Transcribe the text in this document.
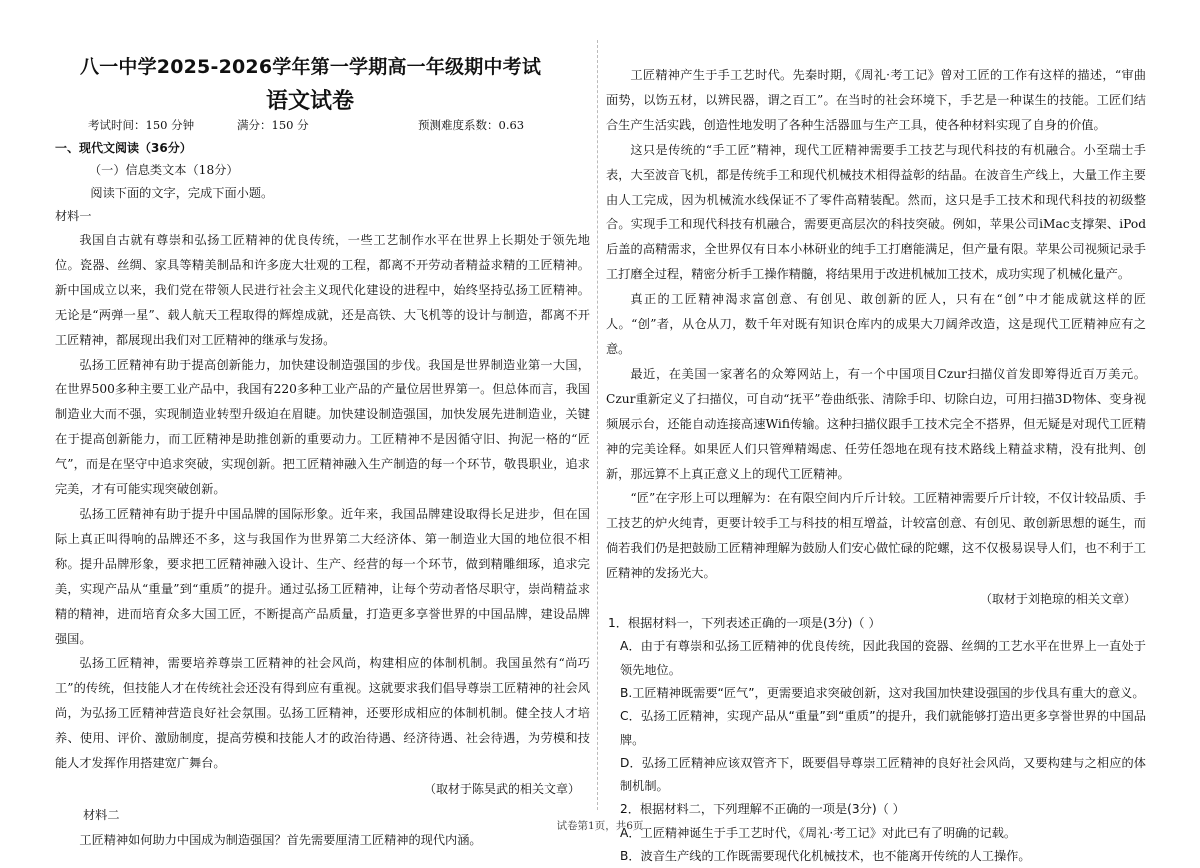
八一中学2025-2026学年第一学期高一年级期中考试
语文试卷
考试时间：150 分钟	满分：150 分	预测难度系数：0.63
一、现代文阅读（36分）
（一）信息类文本（18分）
阅读下面的文字，完成下面小题。
材料一

我国自古就有尊崇和弘扬工匠精神的优良传统，一些工艺制作水平在世界上长期处于领先地位。瓷器、丝绸、家具等精美制品和许多庞大壮观的工程，都离不开劳动者精益求精的工匠精神。新中国成立以来，我们党在带领人民进行社会主义现代化建设的进程中，始终坚持弘扬工匠精神。无论是“两弹一星”、载人航天工程取得的辉煌成就，还是高铁、大飞机等的设计与制造，都离不开工匠精神，都展现出我们对工匠精神的继承与发扬。

弘扬工匠精神有助于提高创新能力，加快建设制造强国的步伐。我国是世界制造业第一大国，在世界500多种主要工业产品中，我国有220多种工业产品的产量位居世界第一。但总体而言，我国制造业大而不强，实现制造业转型升级迫在眉睫。加快建设制造强国，加快发展先进制造业，关键在于提高创新能力，而工匠精神是助推创新的重要动力。工匠精神不是因循守旧、拘泥一格的“匠气”，而是在坚守中追求突破，实现创新。把工匠精神融入生产制造的每一个环节，敬畏职业，追求完美，才有可能实现突破创新。

弘扬工匠精神有助于提升中国品牌的国际形象。近年来，我国品牌建设取得长足进步，但在国际上真正叫得响的品牌还不多，这与我国作为世界第二大经济体、第一制造业大国的地位很不相称。提升品牌形象，要求把工匠精神融入设计、生产、经营的每一个环节，做到精雕细琢，追求完美，实现产品从“重量”到“重质”的提升。通过弘扬工匠精神，让每个劳动者恪尽职守，崇尚精益求精的精神，进而培育众多大国工匠，不断提高产品质量，打造更多享誉世界的中国品牌，建设品牌强国。

弘扬工匠精神，需要培养尊崇工匠精神的社会风尚，构建相应的体制机制。我国虽然有“尚巧工”的传统，但技能人才在传统社会还没有得到应有重视。这就要求我们倡导尊崇工匠精神的社会风尚，为弘扬工匠精神营造良好社会氛围。弘扬工匠精神，还要形成相应的体制机制。健全技人才培养、使用、评价、激励制度，提高劳模和技能人才的政治待遇、经济待遇、社会待遇，为劳模和技能人才发挥作用搭建宽广舞台。

（取材于陈昊武的相关文章）
材料二

工匠精神如何助力中国成为制造强国？首先需要厘清工匠精神的现代内涵。

工匠精神产生于手工艺时代。先秦时期，《周礼·考工记》曾对工匠的工作有这样的描述，“审曲面势，以饬五材，以辨民器，谓之百工”。在当时的社会环境下，手艺是一种谋生的技能。工匠们结合生产生活实践，创造性地发明了各种生活器皿与生产工具，使各种材料实现了自身的价值。

这只是传统的“手工匠”精神，现代工匠精神需要手工技艺与现代科技的有机融合。小至瑞士手表，大至波音飞机，都是传统手工和现代机械技术相得益彰的结晶。在波音生产线上，大量工作主要由人工完成，因为机械流水线保证不了零件高精装配。然而，这只是手工技术和现代科技的初级整合。实现手工和现代科技有机融合，需要更高层次的科技突破。例如，苹果公司iMac支撑架、iPod后盖的高精需求，全世界仅有日本小林研业的纯手工打磨能满足，但产量有限。苹果公司视频记录手工打磨全过程，精密分析手工操作精髓，将结果用于改进机械加工技术，成功实现了机械化量产。

真正的工匠精神渴求富创意、有创见、敢创新的匠人，只有在“创”中才能成就这样的匠人。“创”者，从仓从刀，数千年对既有知识仓库内的成果大刀阔斧改造，这是现代工匠精神应有之意。

最近，在美国一家著名的众筹网站上，有一个中国项目Czur扫描仪首发即筹得近百万美元。Czur重新定义了扫描仪，可自动“抚平”卷曲纸张、清除手印、切除白边，可用扫描3D物体、变身视频展示台，还能自动连接高速Wifi传输。这种扫描仪跟手工技术完全不搭界，但无疑是对现代工匠精神的完美诠释。如果匠人们只管殚精竭虑、任劳任怨地在现有技术路线上精益求精，没有批判、创新，那远算不上真正意义上的现代工匠精神。

“匠”在字形上可以理解为：在有限空间内斤斤计较。工匠精神需要斤斤计较，不仅计较品质、手工技艺的炉火纯青，更要计较手工与科技的相互增益，计较富创意、有创见、敢创新思想的诞生，而倘若我们仍是把鼓励工匠精神理解为鼓励人们安心做忙碌的陀螺，这不仅极易误导人们，也不利于工匠精神的发扬光大。

（取材于刘艳琼的相关文章）
1．根据材料一，下列表述正确的一项是(3分)（ ）
A．由于有尊崇和弘扬工匠精神的优良传统，因此我国的瓷器、丝绸的工艺水平在世界上一直处于领先地位。
B.工匠精神既需要“匠气”，更需要追求突破创新，这对我国加快建设强国的步伐具有重大的意义。
C．弘扬工匠精神，实现产品从“重量”到“重质”的提升，我们就能够打造出更多享誉世界的中国品牌。
D．弘扬工匠精神应该双管齐下，既要倡导尊崇工匠精神的良好社会风尚，又要构建与之相应的体制机制。
2．根据材料二，下列理解不正确的一项是(3分)（ ）
A．工匠精神诞生于手工艺时代，《周礼·考工记》对此已有了明确的记载。
B．波音生产线的工作既需要现代化机械技术，也不能离开传统的人工操作。
试卷第1页，共6页
